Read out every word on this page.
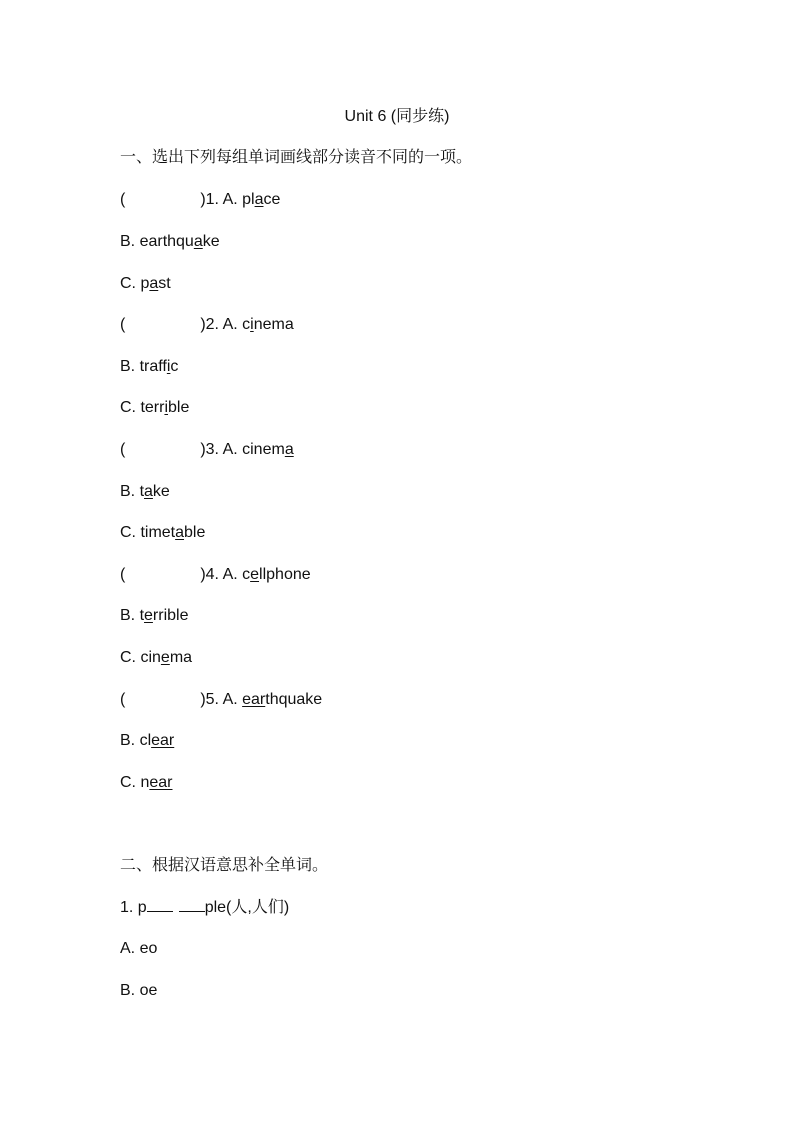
Unit 6 (同步练)
一、选出下列每组单词画线部分读音不同的一项。
(	)1. A. place
B. earthquake
C. past
(	)2. A. cinema
B. traffic
C. terrible
(	)3. A. cinema
B. take
C. timetable
(	)4. A. cellphone
B. terrible
C. cinema
(	)5. A. earthquake
B. clear
C. near
二、根据汉语意思补全单词。
1. p	ple(人,人们)
A. eo
B. oe
